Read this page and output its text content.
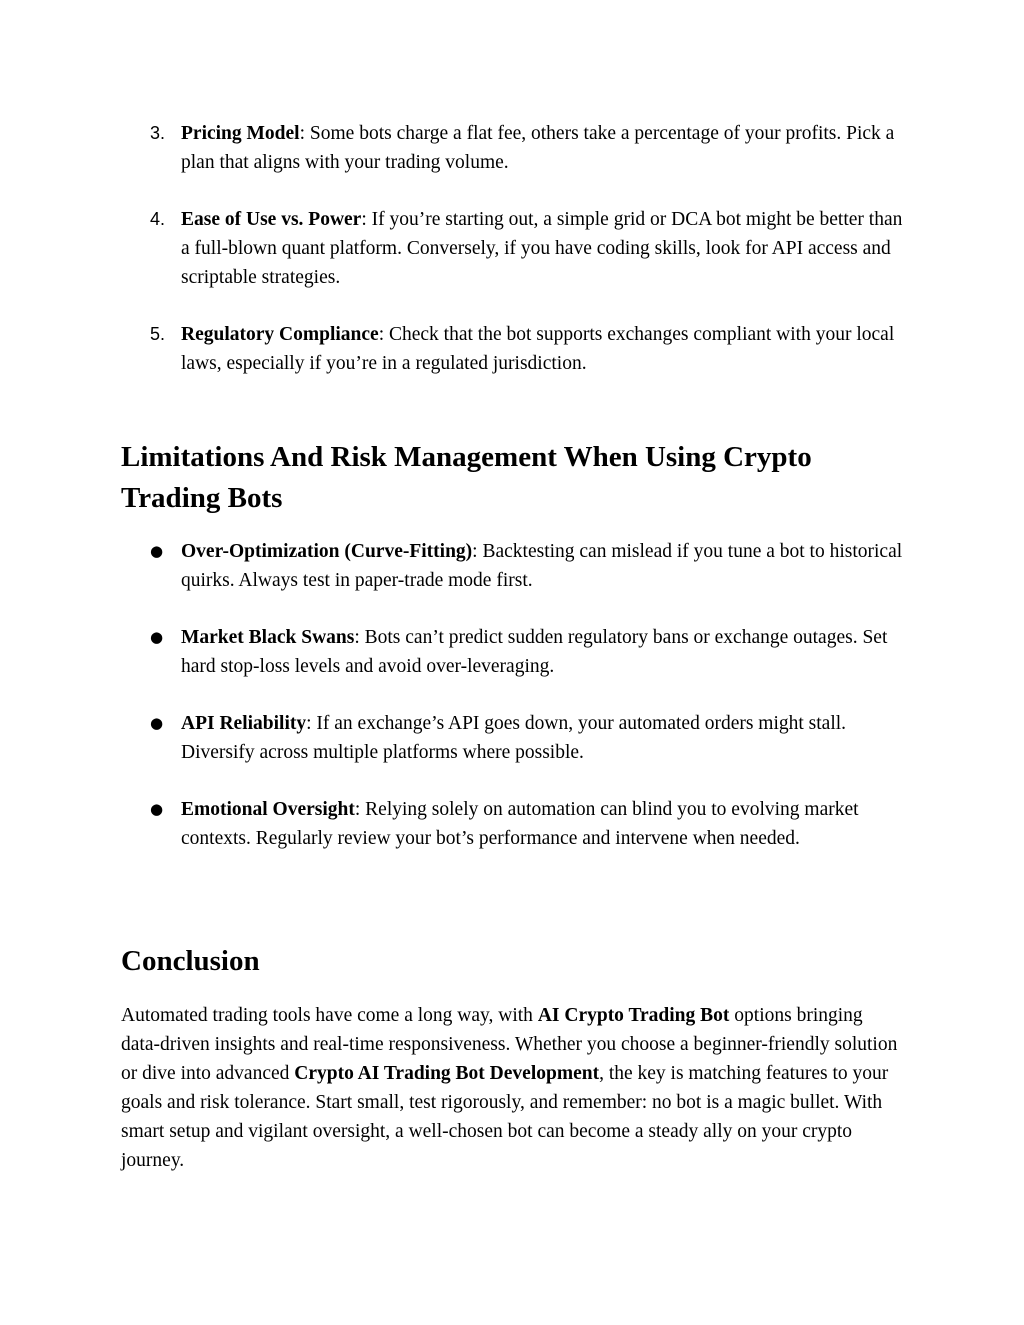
3. Pricing Model: Some bots charge a flat fee, others take a percentage of your profits. Pick a plan that aligns with your trading volume.
4. Ease of Use vs. Power: If you’re starting out, a simple grid or DCA bot might be better than a full-blown quant platform. Conversely, if you have coding skills, look for API access and scriptable strategies.
5. Regulatory Compliance: Check that the bot supports exchanges compliant with your local laws, especially if you’re in a regulated jurisdiction.
Limitations And Risk Management When Using Crypto Trading Bots
● Over-Optimization (Curve-Fitting): Backtesting can mislead if you tune a bot to historical quirks. Always test in paper-trade mode first.
● Market Black Swans: Bots can’t predict sudden regulatory bans or exchange outages. Set hard stop-loss levels and avoid over-leveraging.
● API Reliability: If an exchange’s API goes down, your automated orders might stall. Diversify across multiple platforms where possible.
● Emotional Oversight: Relying solely on automation can blind you to evolving market contexts. Regularly review your bot’s performance and intervene when needed.
Conclusion

Automated trading tools have come a long way, with AI Crypto Trading Bot options bringing data-driven insights and real-time responsiveness. Whether you choose a beginner-friendly solution or dive into advanced Crypto AI Trading Bot Development, the key is matching features to your goals and risk tolerance. Start small, test rigorously, and remember: no bot is a magic bullet. With smart setup and vigilant oversight, a well-chosen bot can become a steady ally on your crypto journey.
